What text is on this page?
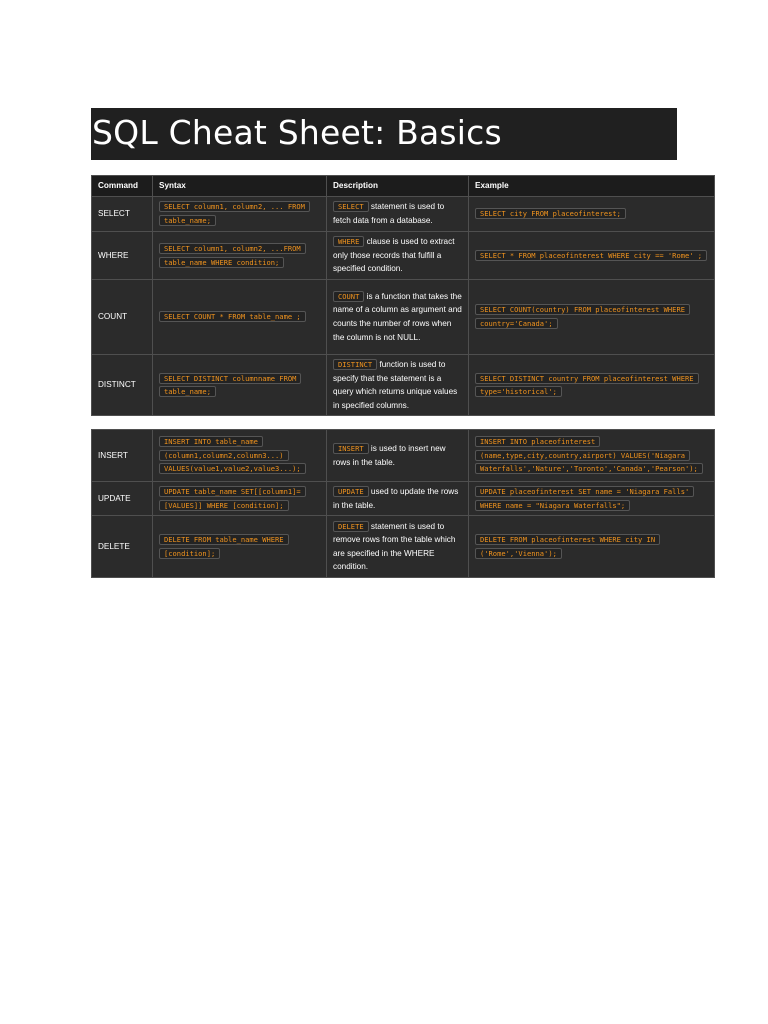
SQL Cheat Sheet: Basics
Command	Syntax	Description	Example
SELECT	SELECT column1, column2, ... FROM table_name;	SELECT statement is used to fetch data from a database.	SELECT city FROM placeofinterest;
WHERE	SELECT column1, column2, ...FROM table_name WHERE condition;	WHERE clause is used to extract only those records that fulfill a specified condition.	SELECT * FROM placeofinterest WHERE city == 'Rome' ;
COUNT	SELECT COUNT * FROM table_name ;	COUNT is a function that takes the name of a column as argument and counts the number of rows when the column is not NULL.	SELECT COUNT(country) FROM placeofinterest WHERE country='Canada';
DISTINCT	SELECT DISTINCT columnname FROM table_name;	DISTINCT function is used to specify that the statement is a query which returns unique values in specified columns.	SELECT DISTINCT country FROM placeofinterest WHERE type='historical';
INSERT	INSERT INTO table_name (column1,column2,column3...) VALUES(value1,value2,value3...);	INSERT is used to insert new rows in the table.	INSERT INTO placeofinterest (name,type,city,country,airport) VALUES('Niagara Waterfalls','Nature','Toronto','Canada','Pearson');
UPDATE	UPDATE table_name SET[[column1]=[VALUES]] WHERE [condition];	UPDATE used to update the rows in the table.	UPDATE placeofinterest SET name = 'Niagara Falls' WHERE name = "Niagara Waterfalls";
DELETE	DELETE FROM table_name WHERE [condition];	DELETE statement is used to remove rows from the table which are specified in the WHERE condition.	DELETE FROM placeofinterest WHERE city IN ('Rome','Vienna');
